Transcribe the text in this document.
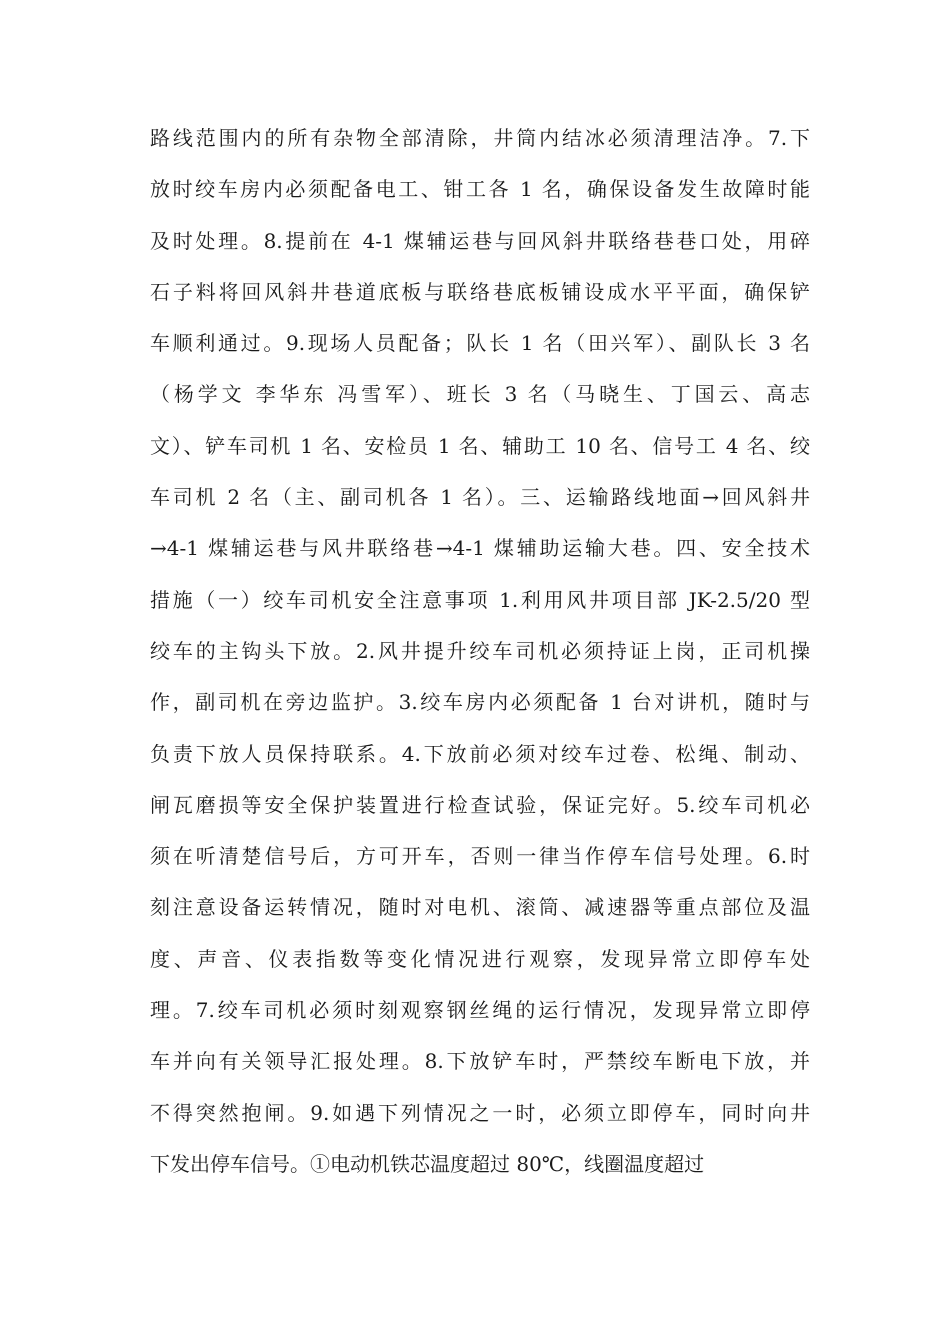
路线范围内的所有杂物全部清除，井筒内结冰必须清理洁净。7.下
放时绞车房内必须配备电工、钳工各 1 名，确保设备发生故障时能
及时处理。8.提前在 4-1 煤辅运巷与回风斜井联络巷巷口处，用碎
石子料将回风斜井巷道底板与联络巷底板铺设成水平平面，确保铲
车顺利通过。9.现场人员配备；队长 1 名（田兴军）、副队长 3 名
（杨学文 李华东 冯雪军）、班长 3 名（马晓生、丁国云、高志
文）、铲车司机 1 名、安检员 1 名、辅助工 10 名、信号工 4 名、绞
车司机 2 名（主、副司机各 1 名）。三、运输路线地面→回风斜井
→4-1 煤辅运巷与风井联络巷→4-1 煤辅助运输大巷。四、安全技术
措施（一）绞车司机安全注意事项 1.利用风井项目部 JK-2.5/20 型
绞车的主钩头下放。2.风井提升绞车司机必须持证上岗，正司机操
作，副司机在旁边监护。3.绞车房内必须配备 1 台对讲机，随时与
负责下放人员保持联系。4.下放前必须对绞车过卷、松绳、制动、
闸瓦磨损等安全保护装置进行检查试验，保证完好。5.绞车司机必
须在听清楚信号后，方可开车，否则一律当作停车信号处理。6.时
刻注意设备运转情况，随时对电机、滚筒、减速器等重点部位及温
度、声音、仪表指数等变化情况进行观察，发现异常立即停车处
理。7.绞车司机必须时刻观察钢丝绳的运行情况，发现异常立即停
车并向有关领导汇报处理。8.下放铲车时，严禁绞车断电下放，并
不得突然抱闸。9.如遇下列情况之一时，必须立即停车，同时向井
下发出停车信号。①电动机铁芯温度超过 80℃，线圈温度超过
